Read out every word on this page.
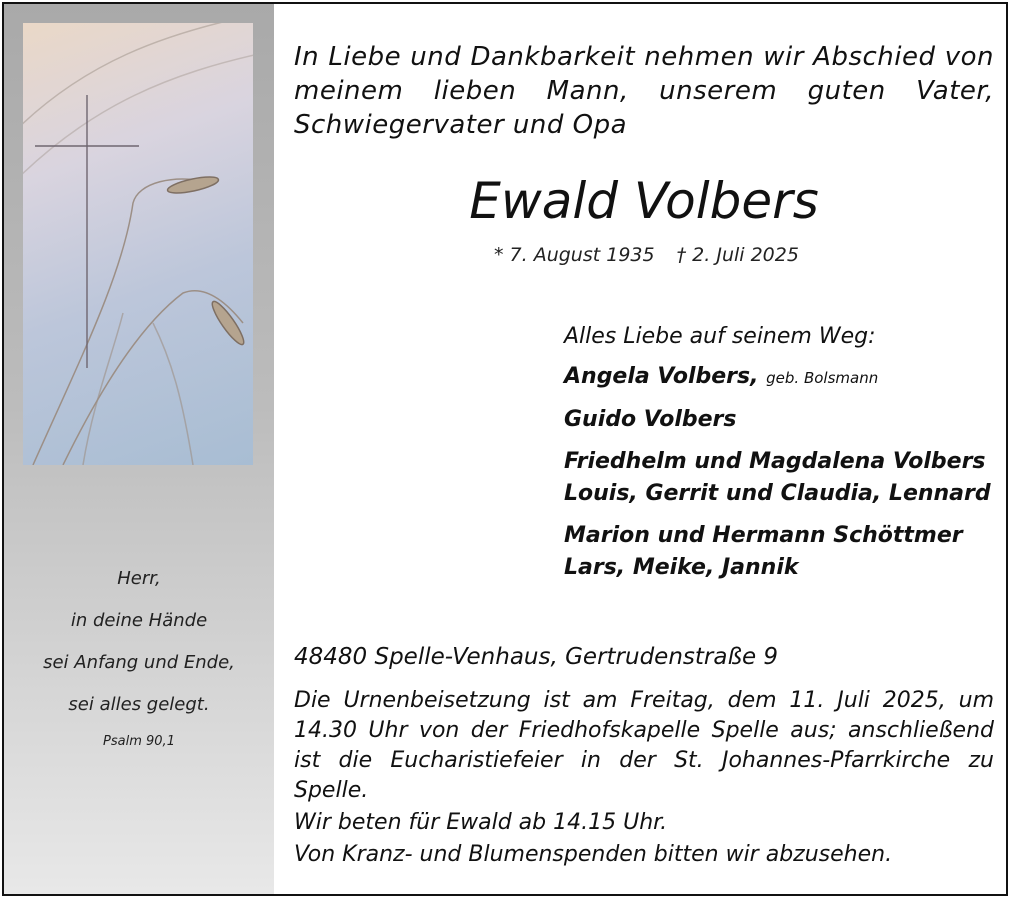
Herr,
in deine Hände
sei Anfang und Ende,
sei alles gelegt.
Psalm 90,1
In Liebe und Dankbarkeit nehmen wir Abschied von meinem lieben Mann, unserem guten Vater, Schwiegervater und Opa
Ewald Volbers
* 7. August 1935 † 2. Juli 2025
Alles Liebe auf seinem Weg:
Angela Volbers, geb. Bolsmann
Guido Volbers
Friedhelm und Magdalena Volbers
Louis, Gerrit und Claudia, Lennard
Marion und Hermann Schöttmer
Lars, Meike, Jannik
48480 Spelle-Venhaus, Gertrudenstraße 9

Die Urnenbeisetzung ist am Freitag, dem 11. Juli 2025, um 14.30 Uhr von der Friedhofskapelle Spelle aus; anschließend ist die Eucharistiefeier in der St. Johannes-Pfarrkirche zu Spelle.

Wir beten für Ewald ab 14.15 Uhr.

Von Kranz- und Blumenspenden bitten wir abzusehen.
